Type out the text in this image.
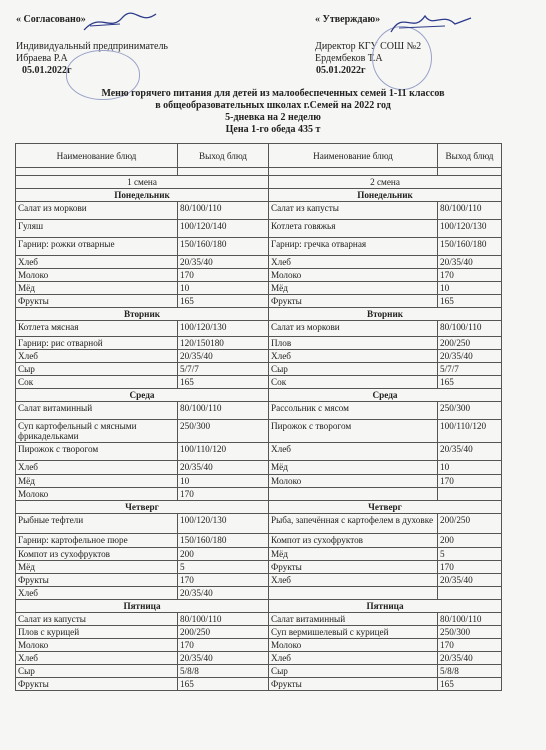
« Согласовано»
Индивидуальный предприниматель
Ибраева Р.А
05.01.2022г
« Утверждаю»
Директор КГУ СОШ №2
Ердембеков Т.А
05.01.2022г
Меню горячего питания для детей из малообеспеченных семей 1-11 классов
в общеобразовательных школах г.Семей на 2022 год
5-дневка на 2 неделю
Цена 1-го обеда 435 т
Наименование блюд	Выход блюд	Наименование блюд	Выход блюд

1 смена		2 смена	
Понедельник		Понедельник	
Салат из моркови	80/100/110	Салат из капусты	80/100/110
Гуляш	100/120/140	Котлета говяжья	100/120/130
Гарнир: рожки отварные	150/160/180	Гарнир: гречка отварная	150/160/180
Хлеб	20/35/40	Хлеб	20/35/40
Молоко	170	Молоко	170
Мёд	10	Мёд	10
Фрукты	165	Фрукты	165
Вторник		Вторник	
Котлета мясная	100/120/130	Салат из моркови	80/100/110
Гарнир: рис отварной	120/150180	Плов	200/250
Хлеб	20/35/40	Хлеб	20/35/40
Сыр	5/7/7	Сыр	5/7/7
Сок	165	Сок	165
Среда		Среда	
Салат витаминный	80/100/110	Рассольник с мясом	250/300
Суп картофельный с мясными фрикадельками	250/300	Пирожок с творогом	100/110/120
Пирожок с творогом	100/110/120	Хлеб	20/35/40
Хлеб	20/35/40	Мёд	10
Мёд	10	Молоко	170
Молоко	170		
Четверг		Четверг	
Рыбные тефтели	100/120/130	Рыба, запечённая с картофелем в духовке	200/250
Гарнир: картофельное пюре	150/160/180	Компот из сухофруктов	200
Компот из сухофруктов	200	Мёд	5
Мёд	5	Фрукты	170
Фрукты	170	Хлеб	20/35/40
Хлеб	20/35/40		
Пятница		Пятница	
Салат из капусты	80/100/110	Салат витаминный	80/100/110
Плов с курицей	200/250	Суп вермишелевый с курицей	250/300
Молоко	170	Молоко	170
Хлеб	20/35/40	Хлеб	20/35/40
Сыр	5/8/8	Сыр	5/8/8
Фрукты	165	Фрукты	165
